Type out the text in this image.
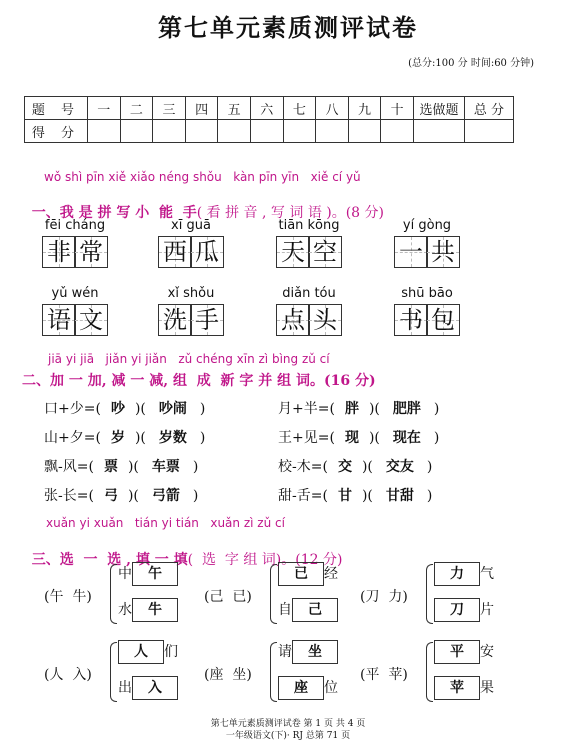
第七单元素质测评试卷
(总分:100 分 时间:60 分钟)
题 号	一	二	三	四	五	六	七	八	九	十	选做题	总 分
得 分												
wǒ shì pīn xiě xiǎo néng shǒu   kàn pīn yīn   xiě cí yǔ

一、我 是 拼 写 小  能  手( 看 拼 音 , 写 词 语 )。(8 分)

fēi cháng
非 常
xī guā
西 瓜
tiān kōng
天 空
yí gòng
一 共
yǔ wén
语 文
xǐ shǒu
洗 手
diǎn tóu
点 头
shū bāo
书 包
jiā yi jiā   jiǎn yi jiǎn   zǔ chéng xīn zì bìng zǔ cí
二、加 一 加, 减 一 减, 组  成  新 字 并 组 词。(16 分)
口+少=( 吵 )( 吵闹 )	月+半=( 胖 )( 肥胖 )
山+夕=( 岁 )( 岁数 )	王+见=( 现 )( 现在 )
飘-风=( 票 )( 车票 )	校-木=( 交 )( 交友 )
张-长=( 弓 )( 弓箭 )	甜-舌=( 甘 )( 甘甜 )
xuǎn yi xuǎn   tián yi tián   xuǎn zì zǔ cí

三、选  一  选 , 填 一 填(  选  字 组 词)。(12 分)

(午  牛)
中 午
水 牛
(己  已)
已 经
自 己
(刀  力)
力 气
刀 片
(人  入)
人 们
出 入
(座  坐)
请 坐
座 位
(平  苹)
平 安
苹 果
第七单元素质测评试卷 第 1 页 共 4 页
一年级语文(下)· RJ 总第 71 页
